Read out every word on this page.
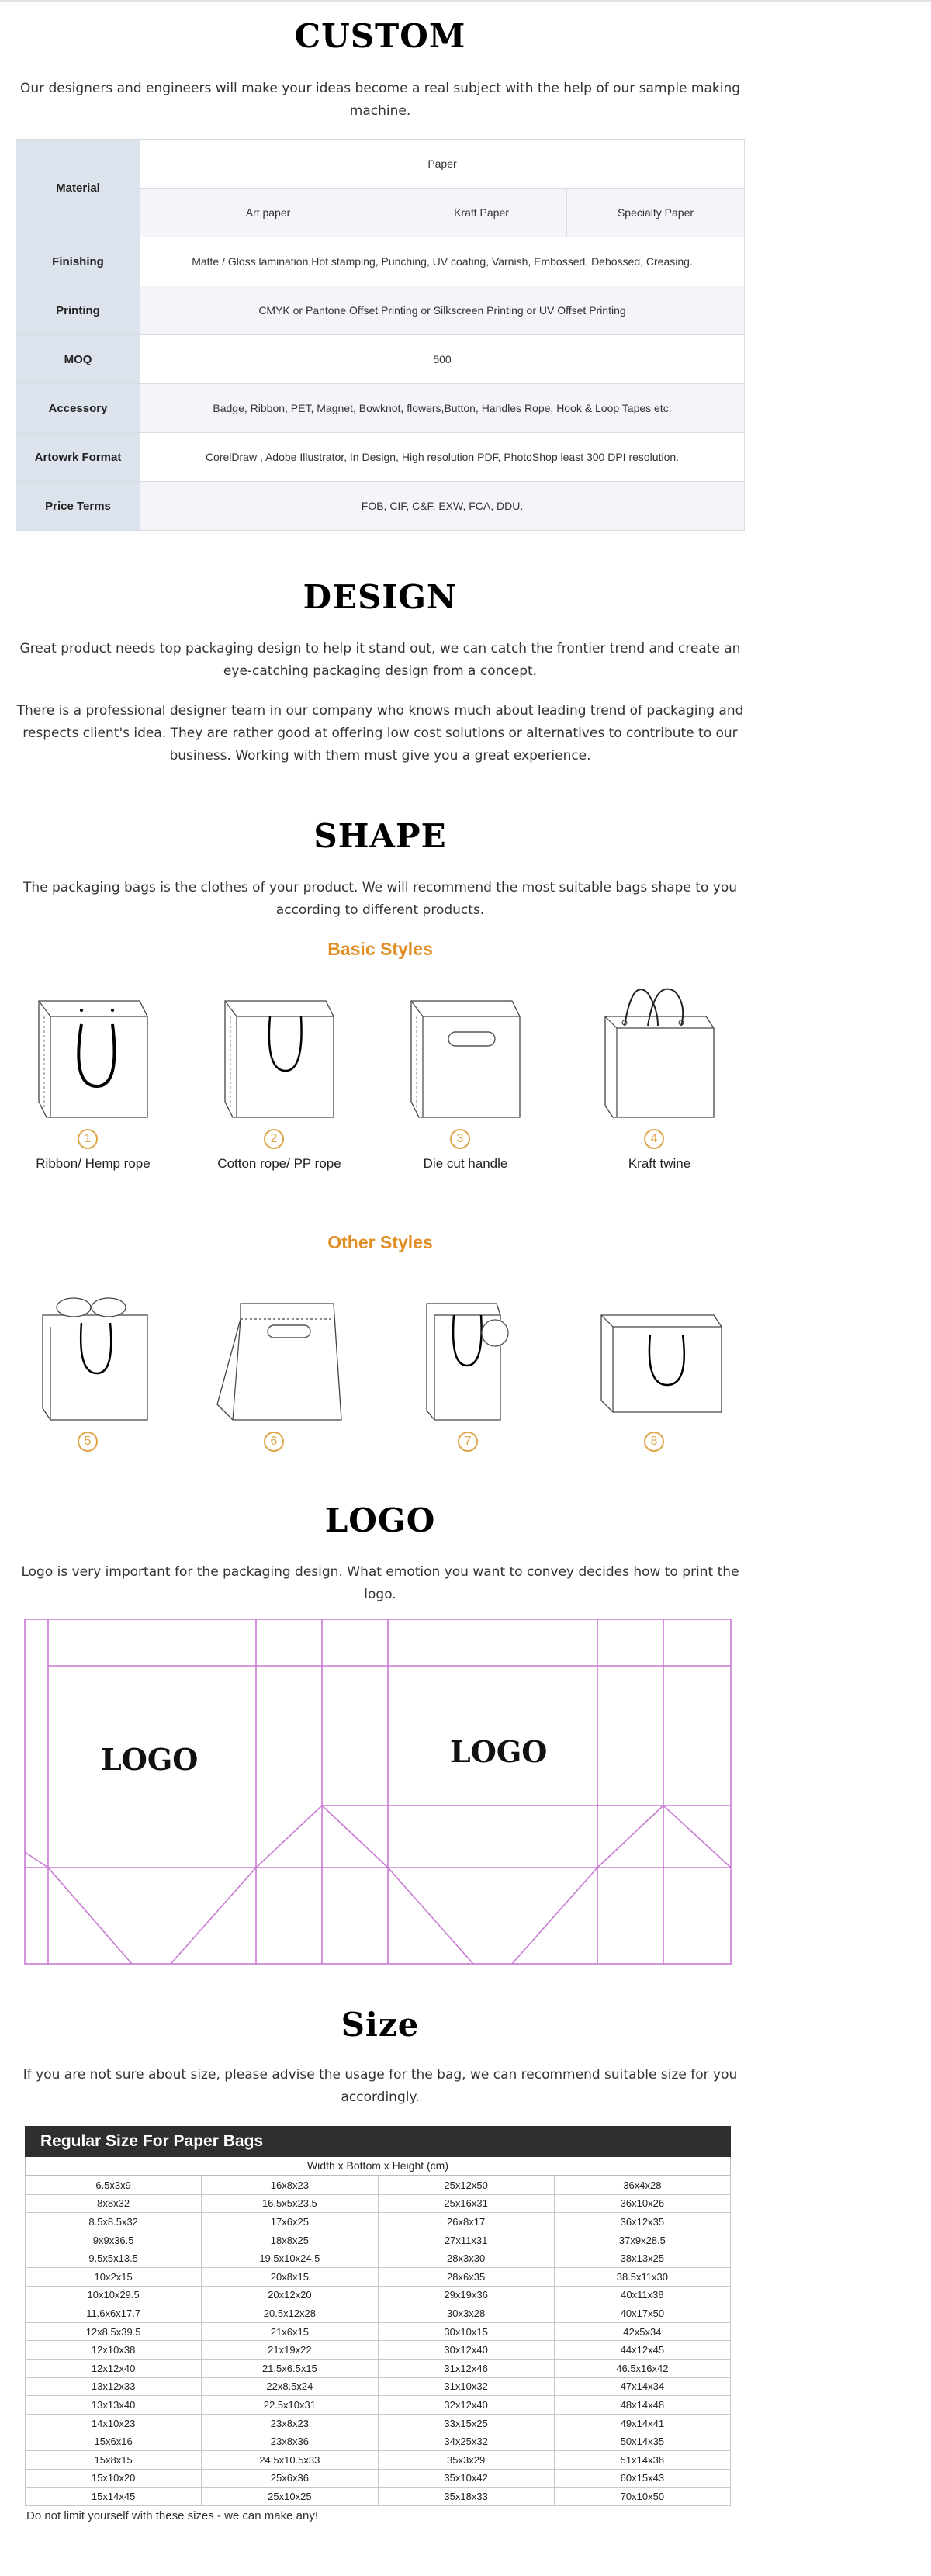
CUSTOM

Our designers and engineers will make your ideas become a real subject with the help of our sample making machine.

Material	Paper		
	Art paper	Kraft Paper	Specialty Paper
Finishing	Matte / Gloss lamination,Hot stamping, Punching, UV coating, Varnish, Embossed, Debossed, Creasing.		
Printing	CMYK or Pantone Offset Printing or Silkscreen Printing or UV Offset Printing		
MOQ	500		
Accessory	Badge, Ribbon, PET, Magnet, Bowknot, flowers,Button, Handles Rope, Hook & Loop Tapes etc.		
Artowrk Format	CorelDraw , Adobe Illustrator, In Design, High resolution PDF, PhotoShop least 300 DPI resolution.		
Price Terms	FOB, CIF, C&F, EXW, FCA, DDU.		
DESIGN

Great product needs top packaging design to help it stand out, we can catch the frontier trend and create an eye-catching packaging design from a concept.

There is a professional designer team in our company who knows much about leading trend of packaging and respects client's idea. They are rather good at offering low cost solutions or alternatives to contribute to our business. Working with them must give you a great experience.

SHAPE

The packaging bags is the clothes of your product. We will recommend the most suitable bags shape to you according to different products.

Basic Styles
1
Ribbon/ Hemp rope
2
Cotton rope/ PP rope
3
Die cut handle
4
Kraft twine
Other Styles
5	6	7	8
LOGO

Logo is very important for the packaging design. What emotion you want to convey decides how to print the logo.

LOGO	LOGO
Size

If you are not sure about size, please advise the usage for the bag, we can recommend suitable size for you accordingly.

Regular Size For Paper Bags
Width x Bottom x Height (cm)
6.5x3x9	16x8x23	25x12x50	36x4x28
8x8x32	16.5x5x23.5	25x16x31	36x10x26
8.5x8.5x32	17x6x25	26x8x17	36x12x35
9x9x36.5	18x8x25	27x11x31	37x9x28.5
9.5x5x13.5	19.5x10x24.5	28x3x30	38x13x25
10x2x15	20x8x15	28x6x35	38.5x11x30
10x10x29.5	20x12x20	29x19x36	40x11x38
11.6x6x17.7	20.5x12x28	30x3x28	40x17x50
12x8.5x39.5	21x6x15	30x10x15	42x5x34
12x10x38	21x19x22	30x12x40	44x12x45
12x12x40	21.5x6.5x15	31x12x46	46.5x16x42
13x12x33	22x8.5x24	31x10x32	47x14x34
13x13x40	22.5x10x31	32x12x40	48x14x48
14x10x23	23x8x23	33x15x25	49x14x41
15x6x16	23x8x36	34x25x32	50x14x35
15x8x15	24.5x10.5x33	35x3x29	51x14x38
15x10x20	25x6x36	35x10x42	60x15x43
15x14x45	25x10x25	35x18x33	70x10x50
Do not limit yourself with these sizes - we can make any!
